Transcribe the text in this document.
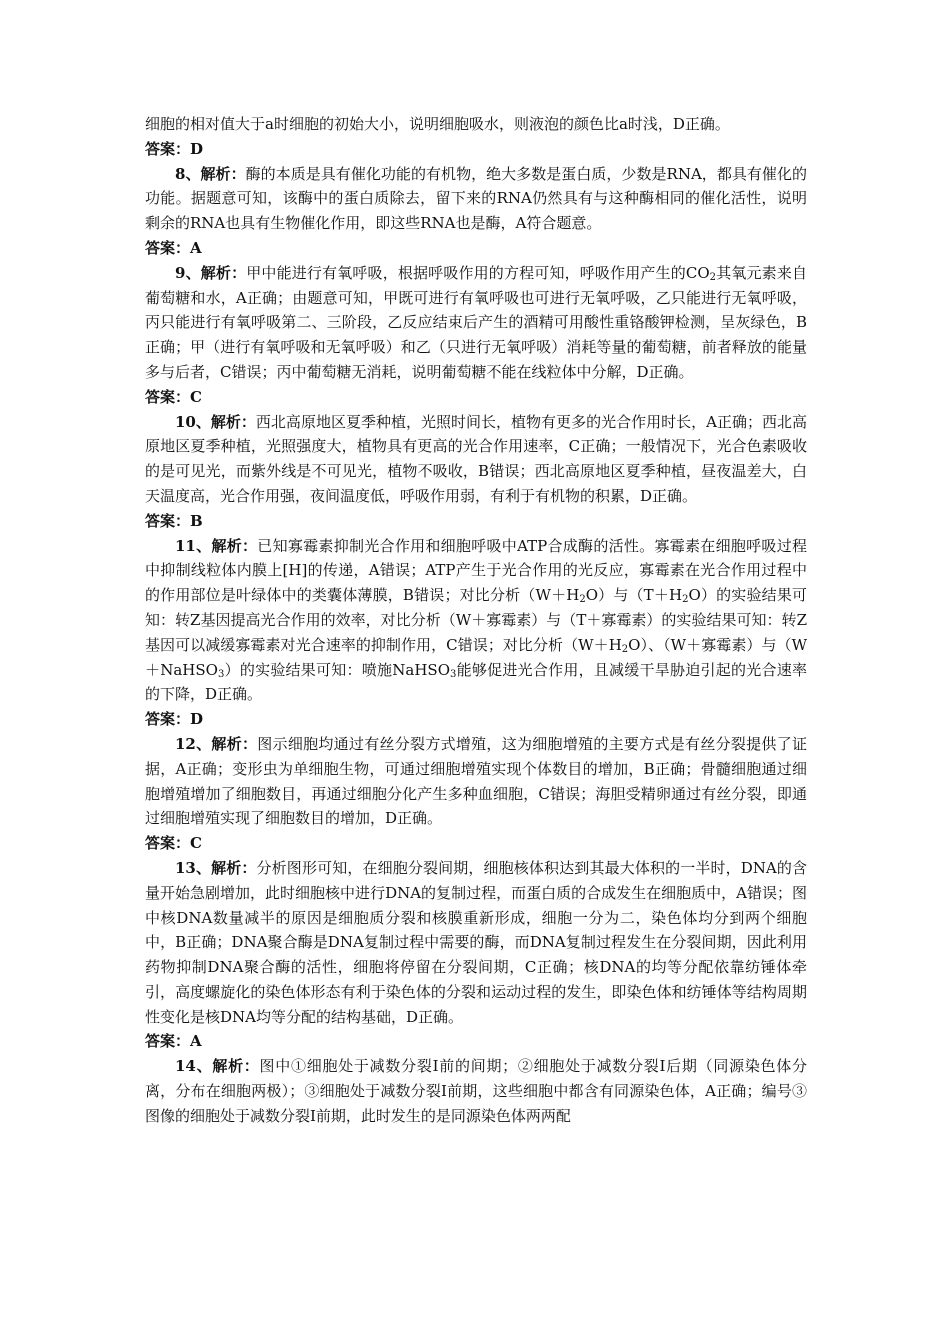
细胞的相对值大于a时细胞的初始大小，说明细胞吸水，则液泡的颜色比a时浅，D正确。

答案：D

8、解析：酶的本质是具有催化功能的有机物，绝大多数是蛋白质，少数是RNA，都具有催化的功能。据题意可知，该酶中的蛋白质除去，留下来的RNA仍然具有与这种酶相同的催化活性，说明剩余的RNA也具有生物催化作用，即这些RNA也是酶，A符合题意。

答案：A

9、解析：甲中能进行有氧呼吸，根据呼吸作用的方程可知，呼吸作用产生的$CO_2$其氧元素来自葡萄糖和水，A正确；由题意可知，甲既可进行有氧呼吸也可进行无氧呼吸，乙只能进行无氧呼吸，丙只能进行有氧呼吸第二、三阶段，乙反应结束后产生的酒精可用酸性重铬酸钾检测，呈灰绿色，B正确；甲（进行有氧呼吸和无氧呼吸）和乙（只进行无氧呼吸）消耗等量的葡萄糖，前者释放的能量多与后者，C错误；丙中葡萄糖无消耗，说明葡萄糖不能在线粒体中分解，D正确。

答案：C

10、解析：西北高原地区夏季种植，光照时间长，植物有更多的光合作用时长，A正确；西北高原地区夏季种植，光照强度大，植物具有更高的光合作用速率，C正确；一般情况下，光合色素吸收的是可见光，而紫外线是不可见光，植物不吸收，B错误；西北高原地区夏季种植，昼夜温差大，白天温度高，光合作用强，夜间温度低，呼吸作用弱，有利于有机物的积累，D正确。

答案：B

11、解析：已知寡霉素抑制光合作用和细胞呼吸中ATP合成酶的活性。寡霉素在细胞呼吸过程中抑制线粒体内膜上[H]的传递，A错误；ATP产生于光合作用的光反应，寡霉素在光合作用过程中的作用部位是叶绿体中的类囊体薄膜，B错误；对比分析$(W+H_2O)$与$(T+H_2O)$的实验结果可知：转Z基因提高光合作用的效率，对比分析（W＋寡霉素）与（T＋寡霉素）的实验结果可知：转Z基因可以减缓寡霉素对光合速率的抑制作用，C错误；对比分析$(W+H_2O)$、（W＋寡霉素）与（W＋NaHSO$_3$）的实验结果可知：喷施NaHSO$_3$能够促进光合作用，且减缓干旱胁迫引起的光合速率的下降，D正确。

答案：D

12、解析：图示细胞均通过有丝分裂方式增殖，这为细胞增殖的主要方式是有丝分裂提供了证据，A正确；变形虫为单细胞生物，可通过细胞增殖实现个体数目的增加，B正确；骨髓细胞通过细胞增殖增加了细胞数目，再通过细胞分化产生多种血细胞，C错误；海胆受精卵通过有丝分裂，即通过细胞增殖实现了细胞数目的增加，D正确。

答案：C

13、解析：分析图形可知，在细胞分裂间期，细胞核体积达到其最大体积的一半时，DNA的含量开始急剧增加，此时细胞核中进行DNA的复制过程，而蛋白质的合成发生在细胞质中，A错误；图中核DNA数量减半的原因是细胞质分裂和核膜重新形成，细胞一分为二，染色体均分到两个细胞中，B正确；DNA聚合酶是DNA复制过程中需要的酶，而DNA复制过程发生在分裂间期，因此利用药物抑制DNA聚合酶的活性，细胞将停留在分裂间期，C正确；核DNA的均等分配依靠纺锤体牵引，高度螺旋化的染色体形态有利于染色体的分裂和运动过程的发生，即染色体和纺锤体等结构周期性变化是核DNA均等分配的结构基础，D正确。

答案：A

14、解析：图中①细胞处于减数分裂Ⅰ前的间期；②细胞处于减数分裂Ⅰ后期（同源染色体分离，分布在细胞两极）；③细胞处于减数分裂Ⅰ前期，这些细胞中都含有同源染色体，A正确；编号③图像的细胞处于减数分裂Ⅰ前期，此时发生的是同源染色体两两配
